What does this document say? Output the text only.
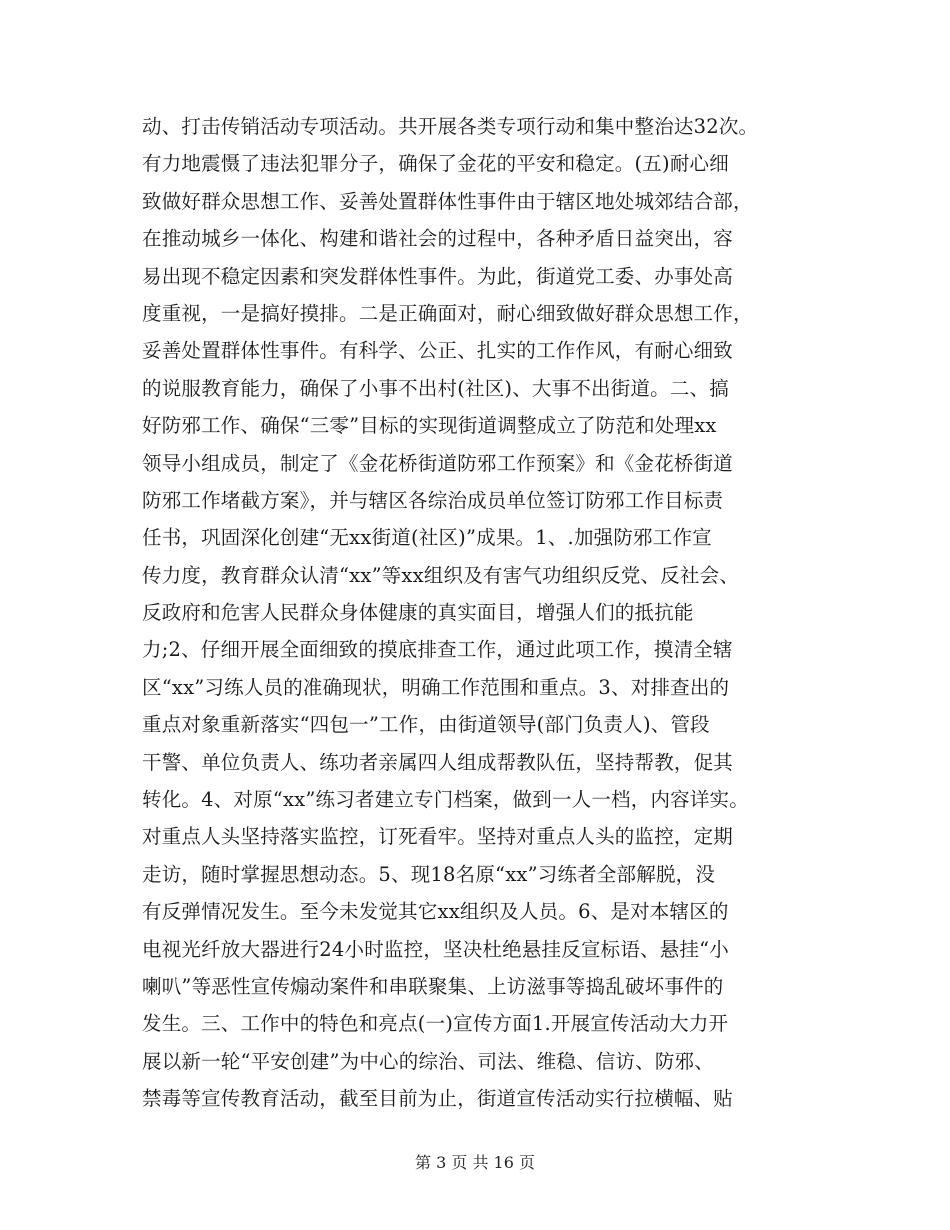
动、打击传销活动专项活动。共开展各类专项行动和集中整治达32次。
有力地震慑了违法犯罪分子，确保了金花的平安和稳定。(五)耐心细
致做好群众思想工作、妥善处置群体性事件由于辖区地处城郊结合部，
在推动城乡一体化、构建和谐社会的过程中，各种矛盾日益突出，容
易出现不稳定因素和突发群体性事件。为此，街道党工委、办事处高
度重视，一是搞好摸排。二是正确面对，耐心细致做好群众思想工作，
妥善处置群体性事件。有科学、公正、扎实的工作作风，有耐心细致
的说服教育能力，确保了小事不出村(社区)、大事不出街道。二、搞
好防邪工作、确保“三零”目标的实现街道调整成立了防范和处理xx
领导小组成员，制定了《金花桥街道防邪工作预案》和《金花桥街道
防邪工作堵截方案》，并与辖区各综治成员单位签订防邪工作目标责
任书，巩固深化创建“无xx街道(社区)”成果。1、.加强防邪工作宣
传力度，教育群众认清“xx”等xx组织及有害气功组织反党、反社会、
反政府和危害人民群众身体健康的真实面目，增强人们的抵抗能
力;2、仔细开展全面细致的摸底排查工作，通过此项工作，摸清全辖
区“xx”习练人员的准确现状，明确工作范围和重点。3、对排查出的
重点对象重新落实“四包一”工作，由街道领导(部门负责人)、管段
干警、单位负责人、练功者亲属四人组成帮教队伍，坚持帮教，促其
转化。4、对原“xx”练习者建立专门档案，做到一人一档，内容详实。
对重点人头坚持落实监控，订死看牢。坚持对重点人头的监控，定期
走访，随时掌握思想动态。5、现18名原“xx”习练者全部解脱，没
有反弹情况发生。至今未发觉其它xx组织及人员。6、是对本辖区的
电视光纤放大器进行24小时监控，坚决杜绝悬挂反宣标语、悬挂“小
喇叭”等恶性宣传煽动案件和串联聚集、上访滋事等捣乱破坏事件的
发生。三、工作中的特色和亮点(一)宣传方面1.开展宣传活动大力开
展以新一轮“平安创建”为中心的综治、司法、维稳、信访、防邪、
禁毒等宣传教育活动，截至目前为止，街道宣传活动实行拉横幅、贴
第 3 页 共 16 页
